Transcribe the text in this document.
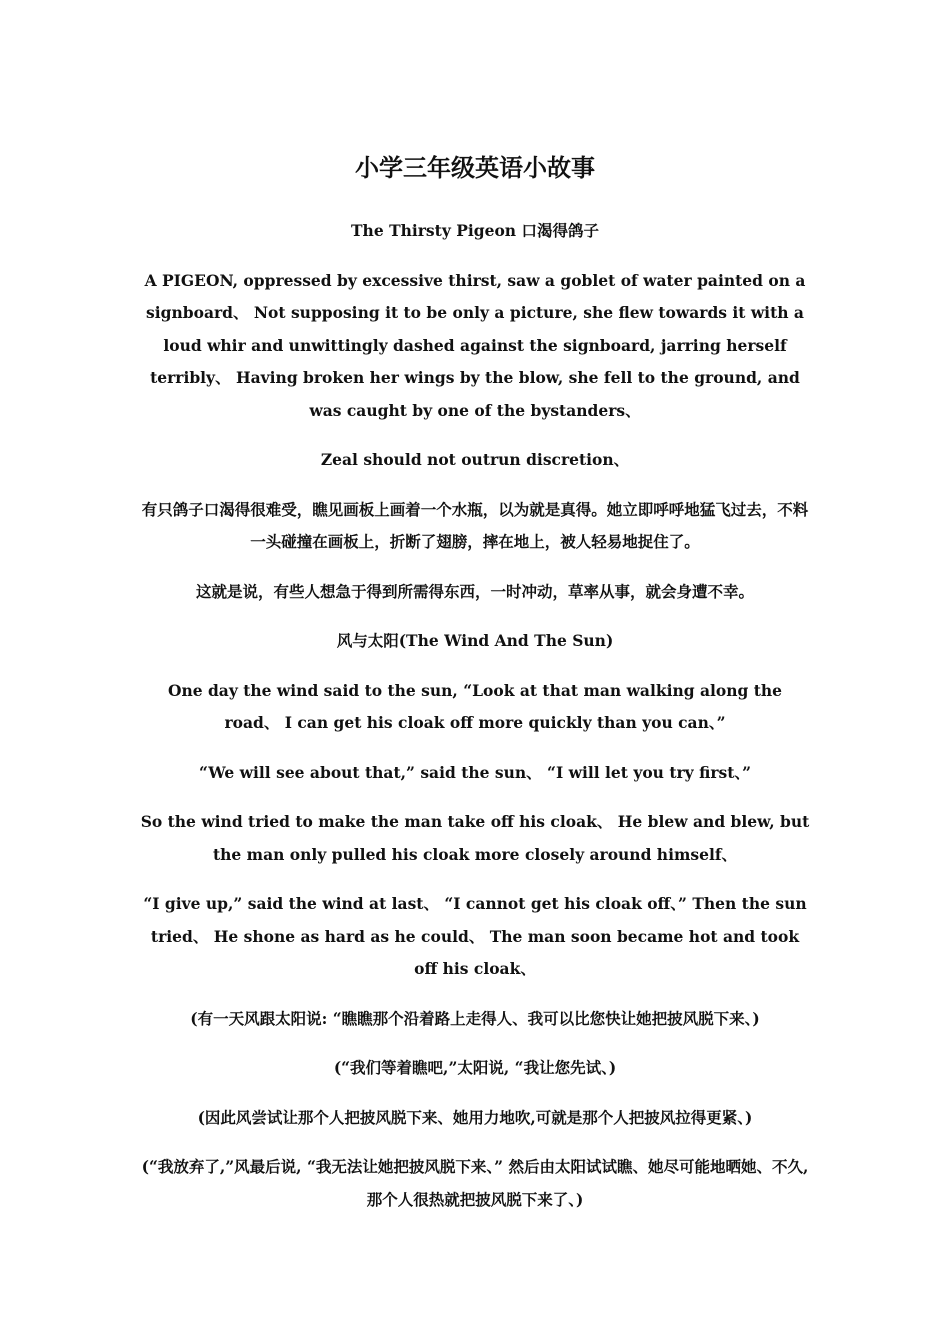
小学三年级英语小故事

The Thirsty Pigeon 口渴得鸽子

A PIGEON, oppressed by excessive thirst, saw a goblet of water painted on a signboard、 Not supposing it to be only a picture, she flew towards it with a loud whir and unwittingly dashed against the signboard, jarring herself terribly、 Having broken her wings by the blow, she fell to the ground, and was caught by one of the bystanders、

Zeal should not outrun discretion、

有只鸽子口渴得很难受，瞧见画板上画着一个水瓶，以为就是真得。她立即呼呼地猛飞过去，不料一头碰撞在画板上，折断了翅膀，摔在地上，被人轻易地捉住了。

这就是说，有些人想急于得到所需得东西，一时冲动，草率从事，就会身遭不幸。

风与太阳(The Wind And The Sun)

One day the wind said to the sun, “Look at that man walking along the road、 I can get his cloak off more quickly than you can、”

“We will see about that,” said the sun、 “I will let you try first、”

So the wind tried to make the man take off his cloak、 He blew and blew, but the man only pulled his cloak more closely around himself、

“I give up,” said the wind at last、 “I cannot get his cloak off、” Then the sun tried、 He shone as hard as he could、 The man soon became hot and took off his cloak、

(有一天风跟太阳说: “瞧瞧那个沿着路上走得人、我可以比您快让她把披风脱下来、)

(“我们等着瞧吧,”太阳说, “我让您先试、)

(因此风尝试让那个人把披风脱下来、她用力地吹,可就是那个人把披风拉得更紧、)

(“我放弃了,”风最后说, “我无法让她把披风脱下来、” 然后由太阳试试瞧、她尽可能地晒她、不久,那个人很热就把披风脱下来了、)
